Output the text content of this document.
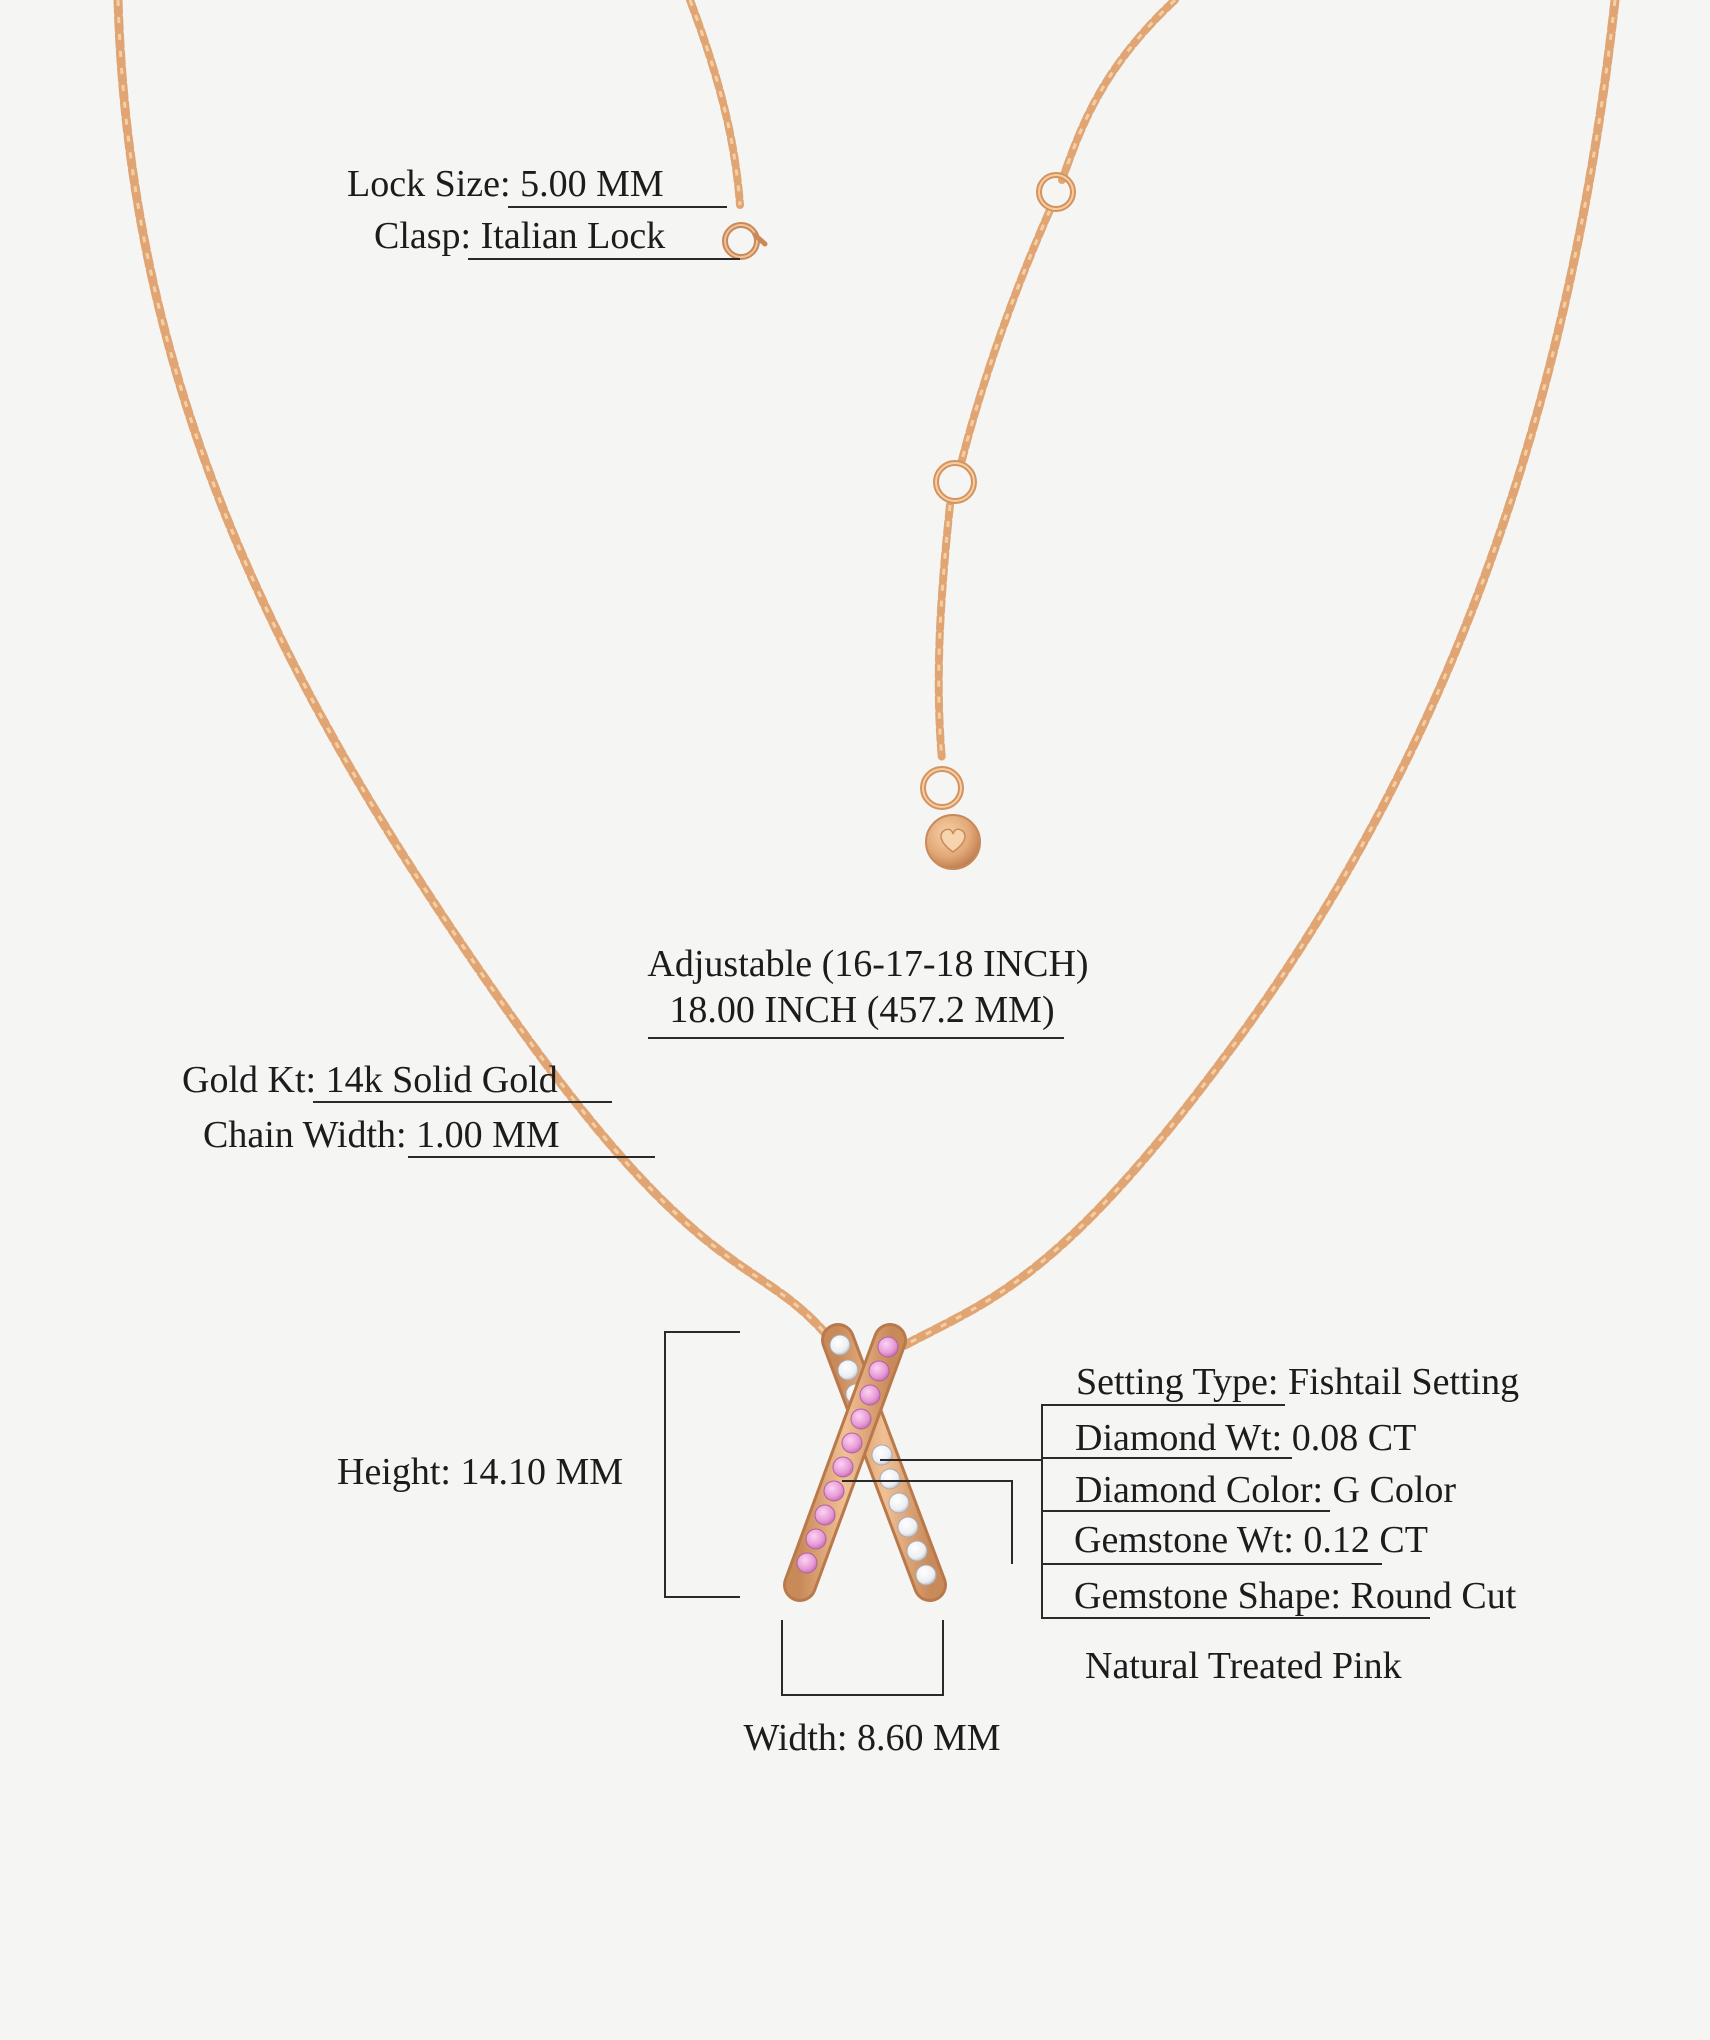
Lock Size: 5.00 MM

Clasp: Italian Lock

Adjustable (16-17-18 INCH)

18.00 INCH (457.2 MM)

Gold Kt: 14k Solid Gold

Chain Width: 1.00 MM

Height: 14.10 MM

Width: 8.60 MM

Setting Type: Fishtail Setting

Diamond Wt: 0.08 CT

Diamond Color: G Color

Gemstone Wt: 0.12 CT

Gemstone Shape: Round Cut

Natural Treated Pink
